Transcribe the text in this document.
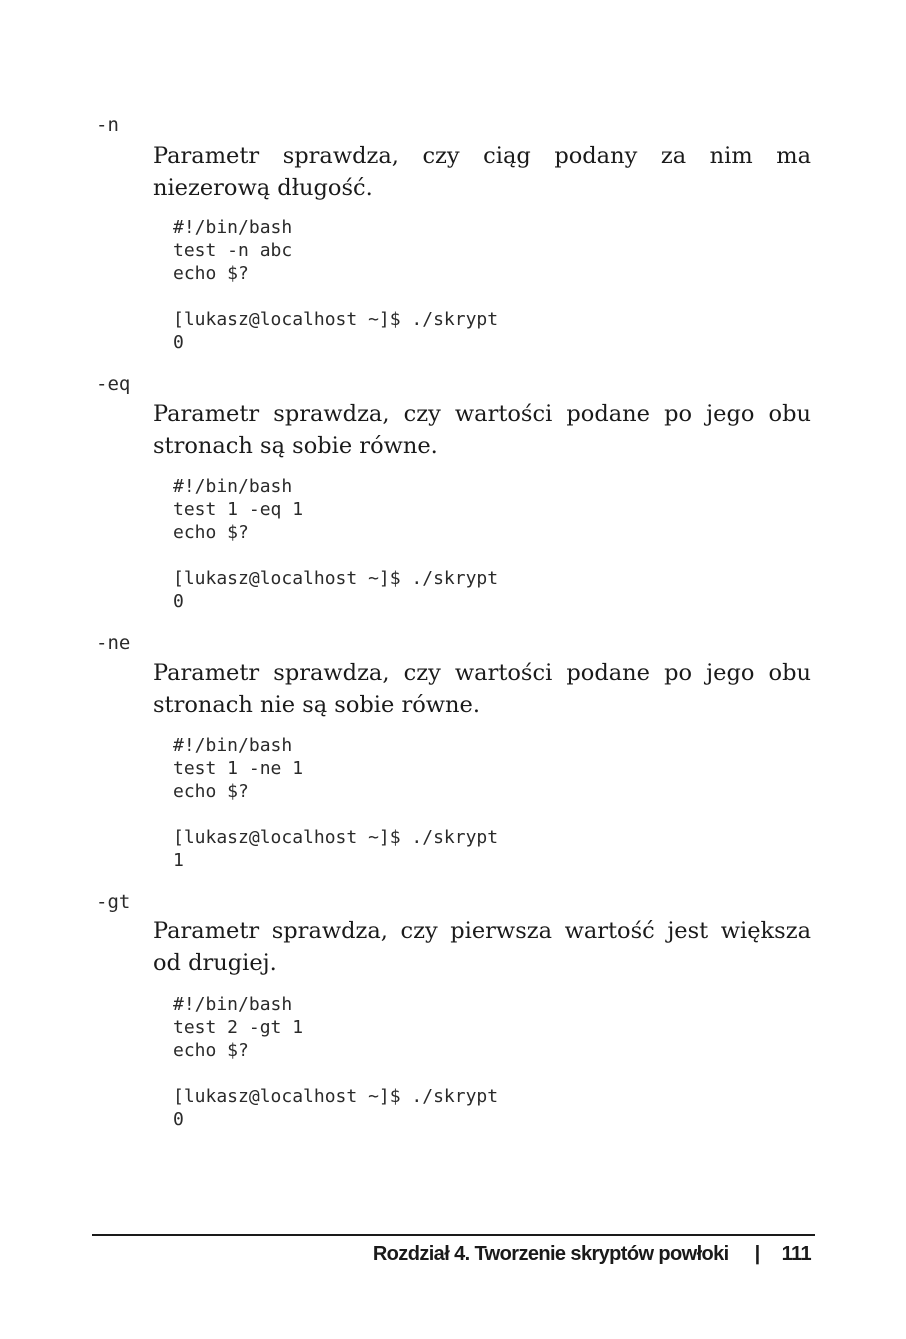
-n
Parametr sprawdza, czy ciąg podany za nim ma niezerową długość.
#!/bin/bash
test -n abc
echo $?
[lukasz@localhost ~]$ ./skrypt
0
-eq
Parametr sprawdza, czy wartości podane po jego obu stronach są sobie równe.
#!/bin/bash
test 1 -eq 1
echo $?
[lukasz@localhost ~]$ ./skrypt
0
-ne
Parametr sprawdza, czy wartości podane po jego obu stronach nie są sobie równe.
#!/bin/bash
test 1 -ne 1
echo $?
[lukasz@localhost ~]$ ./skrypt
1
-gt
Parametr sprawdza, czy pierwsza wartość jest większa od drugiej.
#!/bin/bash
test 2 -gt 1
echo $?
[lukasz@localhost ~]$ ./skrypt
0
Rozdział 4. Tworzenie skryptów powłoki | 111
